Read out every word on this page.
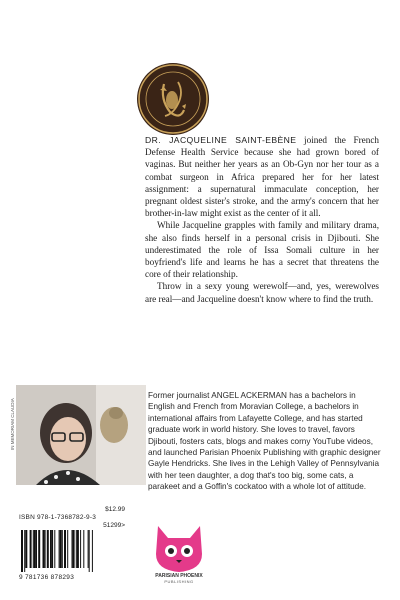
DR. JACQUELINE SAINT-EBÈNE joined the French Defense Health Service because she had grown bored of vaginas. But neither her years as an Ob-Gyn nor her tour as a combat surgeon in Africa prepared her for her latest assignment: a supernatural immaculate conception, her pregnant oldest sister's stroke, and the army's concern that her brother-in-law might exist as the center of it all.

While Jacqueline grapples with family and military drama, she also finds herself in a personal crisis in Djibouti. She underestimated the role of Issa Somali culture in her boyfriend's life and learns he has a secret that threatens the core of their relationship.

Throw in a sexy young werewolf—and, yes, werewolves are real—and Jacqueline doesn't know where to find the truth.

IN MEMORIAM CLAUDIA

Former journalist ANGEL ACKERMAN has a bachelors in English and French from Moravian College, a bachelors in international affairs from Lafayette College, and has started graduate work in world history. She loves to travel, favors Djibouti, fosters cats, blogs and makes corny YouTube videos, and launched Parisian Phoenix Publishing with graphic designer Gayle Hendricks. She lives in the Lehigh Valley of Pennsylvania with her teen daughter, a dog that's too big, some cats, a parakeet and a Goffin's cockatoo with a whole lot of attitude.

$12.99
ISBN 978-1-7368782-9-3
51299>
9 781736 878293	PARISIAN PHOENIX
PUBLISHING
